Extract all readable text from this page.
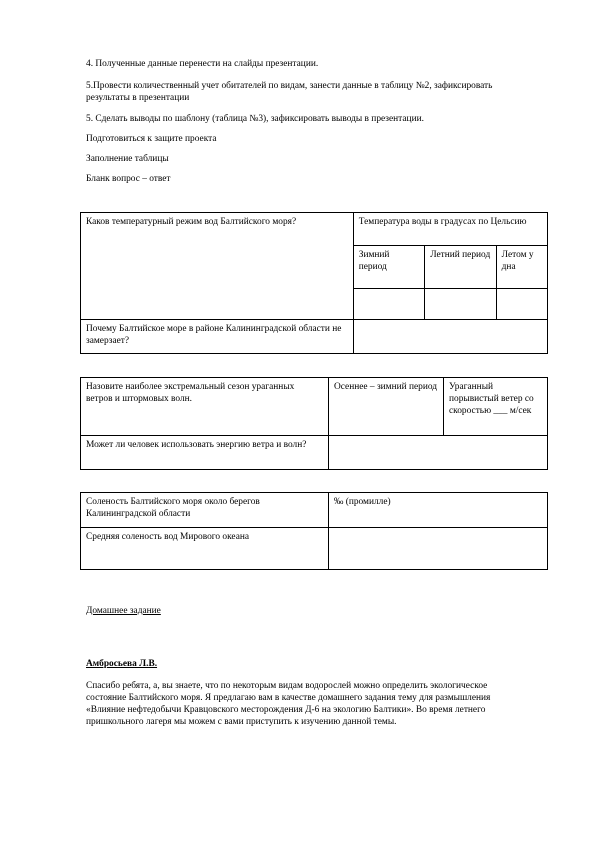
4. Полученные данные перенести на слайды презентации.

5.Провести количественный учет обитателей по видам, занести данные в таблицу №2, зафиксировать

результаты в презентации

5. Сделать выводы по шаблону (таблица №3), зафиксировать выводы в презентации.

Подготовиться к защите проекта

Заполнение таблицы

Бланк вопрос – ответ

Каков температурный режим вод Балтийского моря?	Температура воды в градусах по Цельсию		
	Зимний период	Летний период	Летом у дна

Почему Балтийское море в районе Калининградской области не замерзает?			
Назовите наиболее экстремальный сезон ураганных ветров и штормовых волн.	Осеннее – зимний период	Ураганный порывистый ветер со скоростью ___ м/сек
Может ли человек использовать энергию ветра и волн?		
Соленость Балтийского моря около берегов Калининградской области	‰ (промилле)
Средняя соленость вод Мирового океана	

Домашнее задание

Амбросьева Л.В.

Спасибо ребята, а, вы знаете, что по некоторым видам водорослей можно определить экологическое

состояние Балтийского моря. Я предлагаю вам в качестве домашнего задания тему для размышления

«Влияние нефтедобычи Кравцовского месторождения Д-6 на экологию Балтики». Во время летнего

пришкольного лагеря мы можем с вами приступить к изучению данной темы.
